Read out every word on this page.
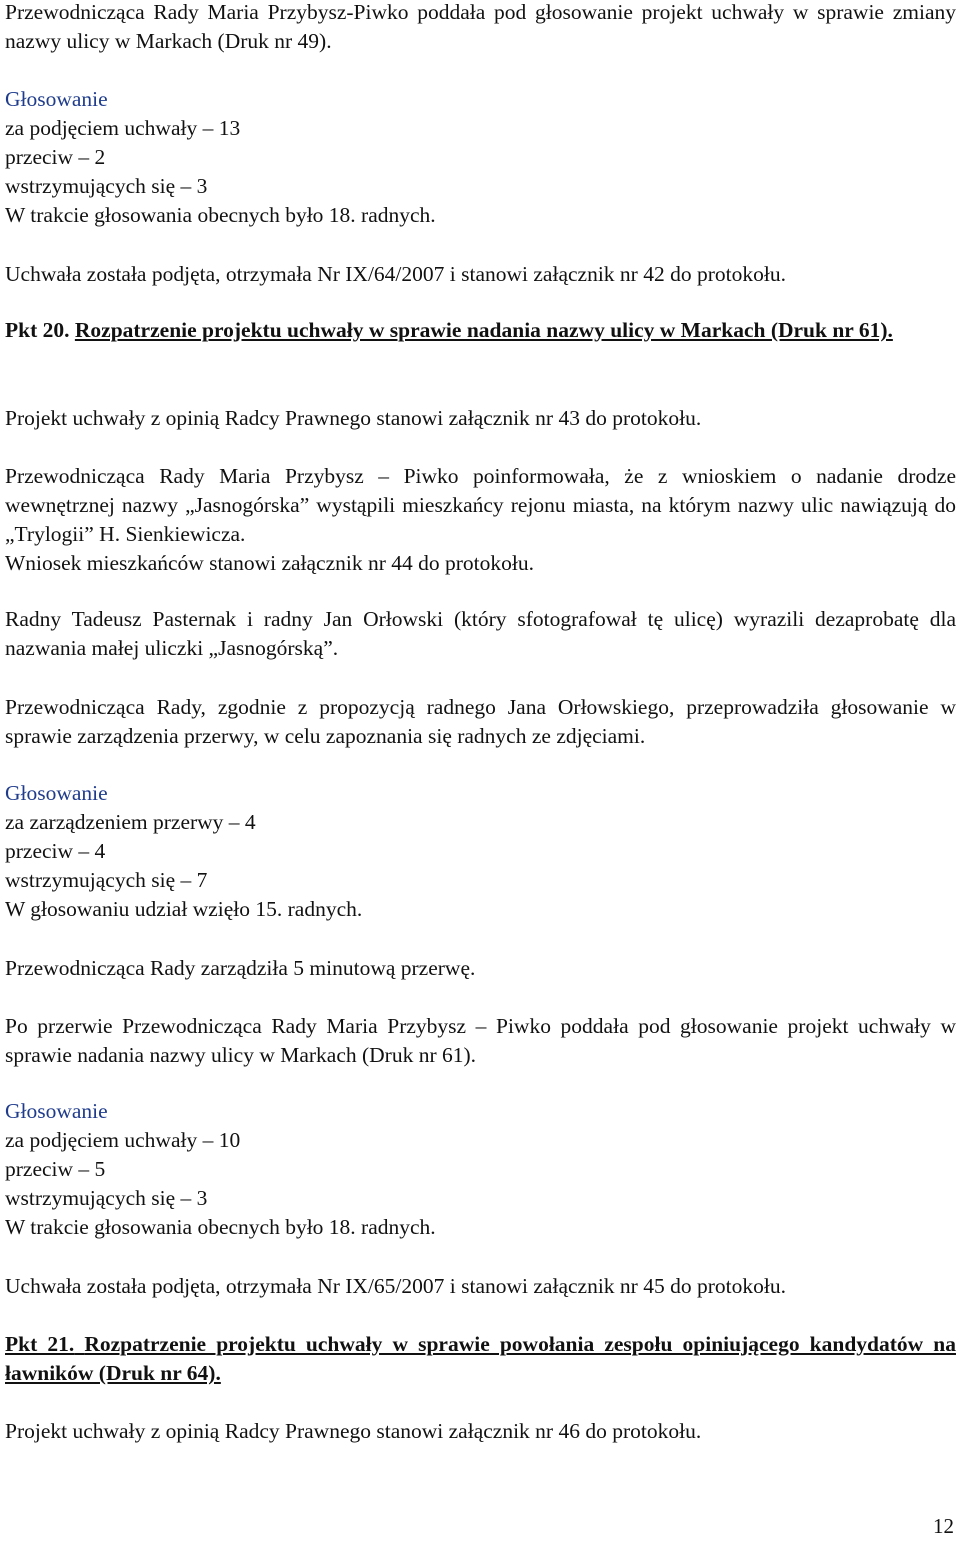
Przewodnicząca Rady Maria Przybysz-Piwko poddała pod głosowanie projekt uchwały w sprawie zmiany nazwy ulicy w Markach (Druk nr 49).

Głosowanie

za podjęciem uchwały – 13

przeciw – 2

wstrzymujących się – 3

W trakcie głosowania obecnych było 18. radnych.

Uchwała została podjęta, otrzymała Nr IX/64/2007 i stanowi załącznik nr 42 do protokołu.

Pkt 20. Rozpatrzenie projektu uchwały w sprawie nadania nazwy ulicy w Markach (Druk nr 61).

Projekt uchwały z opinią Radcy Prawnego stanowi załącznik nr 43 do protokołu.

Przewodnicząca Rady Maria Przybysz – Piwko poinformowała, że z wnioskiem o nadanie drodze wewnętrznej nazwy „Jasnogórska” wystąpili mieszkańcy rejonu miasta, na którym nazwy ulic nawiązują do „Trylogii” H. Sienkiewicza.

Wniosek mieszkańców stanowi załącznik nr 44 do protokołu.

Radny Tadeusz Pasternak i radny Jan Orłowski (który sfotografował tę ulicę) wyrazili dezaprobatę dla nazwania małej uliczki „Jasnogórską”.

Przewodnicząca Rady, zgodnie z propozycją radnego Jana Orłowskiego, przeprowadziła głosowanie w sprawie zarządzenia przerwy, w celu zapoznania się radnych ze zdjęciami.

Głosowanie

za zarządzeniem przerwy – 4

przeciw – 4

wstrzymujących się – 7

W głosowaniu udział wzięło 15. radnych.

Przewodnicząca Rady zarządziła 5 minutową przerwę.

Po przerwie Przewodnicząca Rady Maria Przybysz – Piwko poddała pod głosowanie projekt uchwały w sprawie nadania nazwy ulicy w Markach (Druk nr 61).

Głosowanie

za podjęciem uchwały – 10

przeciw – 5

wstrzymujących się – 3

W trakcie głosowania obecnych było 18. radnych.

Uchwała została podjęta, otrzymała Nr IX/65/2007 i stanowi załącznik nr 45 do protokołu.

Pkt 21. Rozpatrzenie projektu uchwały w sprawie powołania zespołu opiniującego kandydatów na ławników (Druk nr 64).

Projekt uchwały z opinią Radcy Prawnego stanowi załącznik nr 46 do protokołu.

12
